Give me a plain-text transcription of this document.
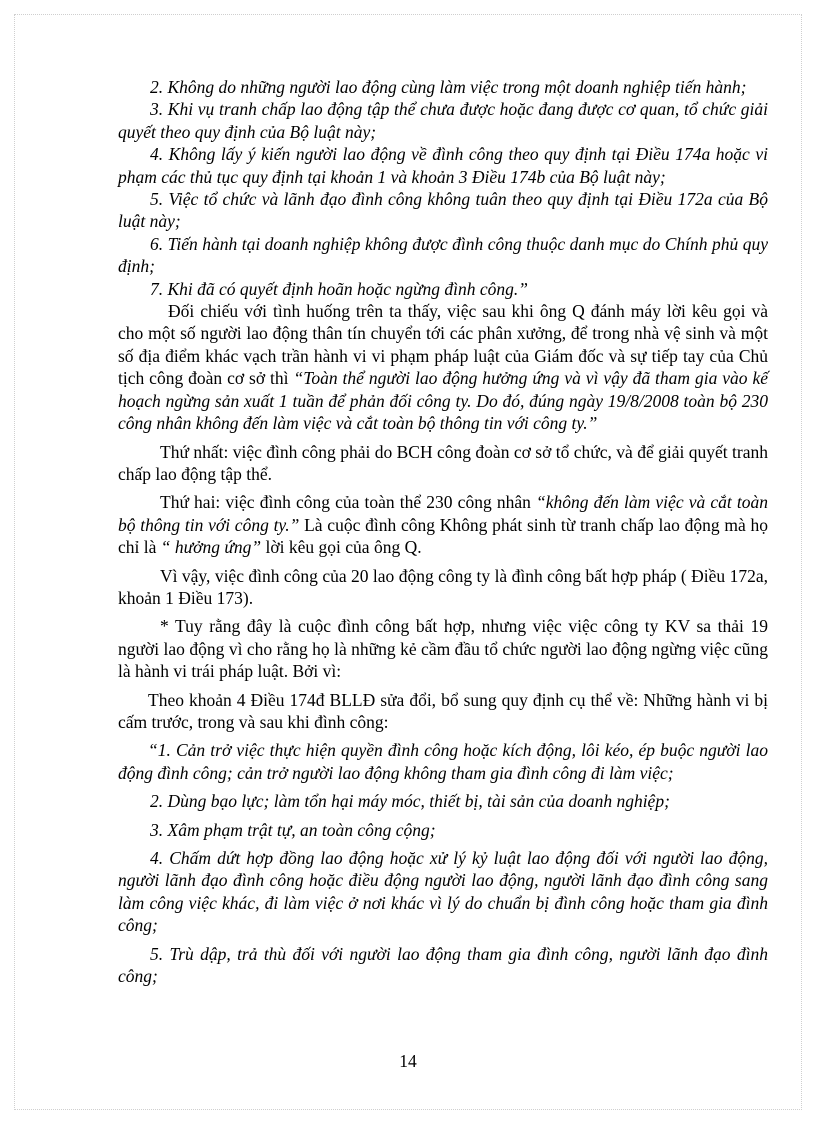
2. Không do những người lao động cùng làm việc trong một doanh nghiệp tiến hành;

3. Khi vụ tranh chấp lao động tập thể chưa được hoặc đang được cơ quan, tổ chức giải quyết theo quy định của Bộ luật này;

4. Không lấy ý kiến người lao động về đình công theo quy định tại Điều 174a hoặc vi phạm các thủ tục quy định tại khoản 1 và khoản 3 Điều 174b của Bộ luật này;

5. Việc tổ chức và lãnh đạo đình công không tuân theo quy định tại Điều 172a của Bộ luật này;

6. Tiến hành tại doanh nghiệp không được đình công thuộc danh mục do Chính phủ quy định;

7. Khi đã có quyết định hoãn hoặc ngừng đình công.”

Đối chiếu với tình huống trên ta thấy, việc sau khi ông Q đánh máy lời kêu gọi và cho một số người lao động thân tín chuyển tới các phân xưởng, để trong nhà vệ sinh và một số địa điểm khác vạch trần hành vi vi phạm pháp luật của Giám đốc và sự tiếp tay của Chủ tịch công đoàn cơ sở thì “Toàn thể người lao động hưởng ứng và vì vậy đã tham gia vào kế hoạch ngừng sản xuất 1 tuần để phản đối công ty. Do đó, đúng ngày 19/8/2008 toàn bộ 230 công nhân không đến làm việc và cắt toàn bộ thông tin với công ty.”

Thứ nhất: việc đình công phải do BCH công đoàn cơ sở tổ chức, và để giải quyết tranh chấp lao động tập thể.

Thứ hai: việc đình công của toàn thể 230 công nhân “không đến làm việc và cắt toàn bộ thông tin với công ty.” Là cuộc đình công Không phát sinh từ tranh chấp lao động mà họ chỉ là “ hưởng ứng” lời kêu gọi của ông Q.

Vì vậy, việc đình công của 20 lao động công ty là đình công bất hợp pháp ( Điều 172a, khoản 1 Điều 173).

* Tuy rằng đây là cuộc đình công bất hợp, nhưng việc việc công ty KV sa thải 19 người lao động vì cho rằng họ là những kẻ cầm đầu tổ chức người lao động ngừng việc cũng là hành vi trái pháp luật. Bởi vì:

Theo khoản 4 Điều 174đ BLLĐ sửa đổi, bổ sung quy định cụ thể về: Những hành vi bị cấm trước, trong và sau khi đình công:

“1. Cản trở việc thực hiện quyền đình công hoặc kích động, lôi kéo, ép buộc người lao động đình công; cản trở người lao động không tham gia đình công đi làm việc;

2. Dùng bạo lực; làm tổn hại máy móc, thiết bị, tài sản của doanh nghiệp;

3. Xâm phạm trật tự, an toàn công cộng;

4. Chấm dứt hợp đồng lao động hoặc xử lý kỷ luật lao động đối với người lao động, người lãnh đạo đình công hoặc điều động người lao động, người lãnh đạo đình công sang làm công việc khác, đi làm việc ở nơi khác vì lý do chuẩn bị đình công hoặc tham gia đình công;

5. Trù dập, trả thù đối với người lao động tham gia đình công, người lãnh đạo đình công;

14
